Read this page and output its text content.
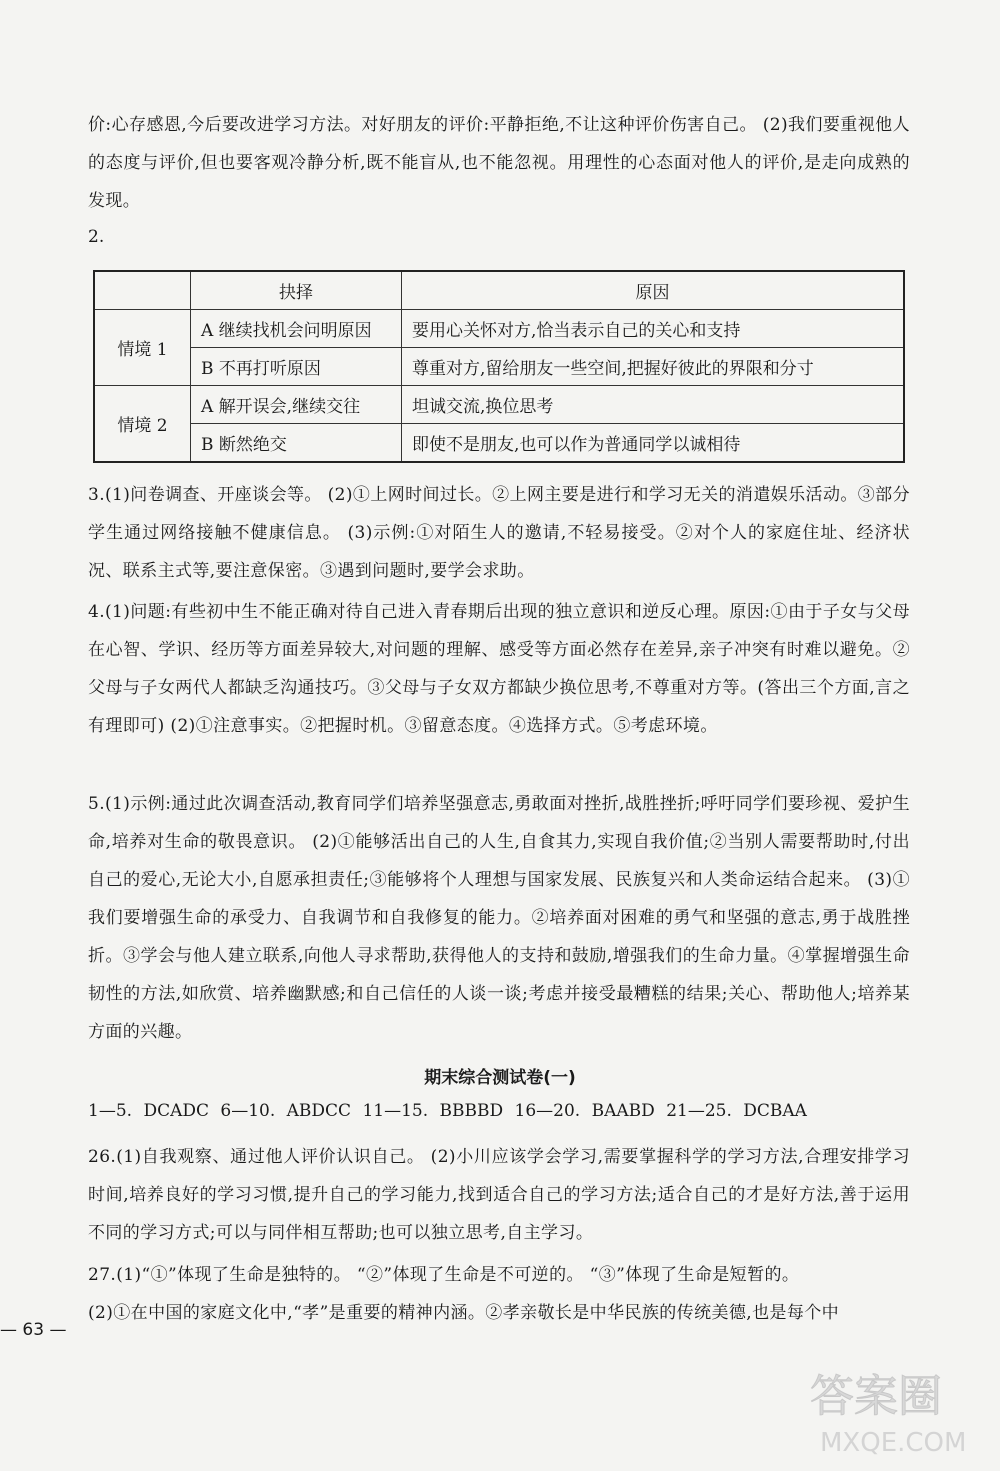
价:心存感恩,今后要改进学习方法。对好朋友的评价:平静拒绝,不让这种评价伤害自己。 (2)我们要重视他人的态度与评价,但也要客观冷静分析,既不能盲从,也不能忽视。用理性的心态面对他人的评价,是走向成熟的发现。

2.
	抉择	原因
情境 1	A 继续找机会问明原因	要用心关怀对方,恰当表示自己的关心和支持
	B 不再打听原因	尊重对方,留给朋友一些空间,把握好彼此的界限和分寸
情境 2	A 解开误会,继续交往	坦诚交流,换位思考
	B 断然绝交	即使不是朋友,也可以作为普通同学以诚相待

3.(1)问卷调查、开座谈会等。 (2)①上网时间过长。②上网主要是进行和学习无关的消遣娱乐活动。③部分学生通过网络接触不健康信息。 (3)示例:①对陌生人的邀请,不轻易接受。②对个人的家庭住址、经济状况、联系主式等,要注意保密。③遇到问题时,要学会求助。

4.(1)问题:有些初中生不能正确对待自己进入青春期后出现的独立意识和逆反心理。原因:①由于子女与父母在心智、学识、经历等方面差异较大,对问题的理解、感受等方面必然存在差异,亲子冲突有时难以避免。②父母与子女两代人都缺乏沟通技巧。③父母与子女双方都缺少换位思考,不尊重对方等。(答出三个方面,言之有理即可) (2)①注意事实。②把握时机。③留意态度。④选择方式。⑤考虑环境。

5.(1)示例:通过此次调查活动,教育同学们培养坚强意志,勇敢面对挫折,战胜挫折;呼吁同学们要珍视、爱护生命,培养对生命的敬畏意识。 (2)①能够活出自己的人生,自食其力,实现自我价值;②当别人需要帮助时,付出自己的爱心,无论大小,自愿承担责任;③能够将个人理想与国家发展、民族复兴和人类命运结合起来。 (3)①我们要增强生命的承受力、自我调节和自我修复的能力。②培养面对困难的勇气和坚强的意志,勇于战胜挫折。③学会与他人建立联系,向他人寻求帮助,获得他人的支持和鼓励,增强我们的生命力量。④掌握增强生命韧性的方法,如欣赏、培养幽默感;和自己信任的人谈一谈;考虑并接受最糟糕的结果;关心、帮助他人;培养某方面的兴趣。

期末综合测试卷(一)
1—5. DCADC 6—10. ABDCC 11—15. BBBBD 16—20. BAABD 21—25. DCBAA

26.(1)自我观察、通过他人评价认识自己。 (2)小川应该学会学习,需要掌握科学的学习方法,合理安排学习时间,培养良好的学习习惯,提升自己的学习能力,找到适合自己的学习方法;适合自己的才是好方法,善于运用不同的学习方式;可以与同伴相互帮助;也可以独立思考,自主学习。

27.(1)“①”体现了生命是独特的。 “②”体现了生命是不可逆的。 “③”体现了生命是短暂的。

(2)①在中国的家庭文化中,“孝”是重要的精神内涵。②孝亲敬长是中华民族的传统美德,也是每个中

— 63 —
答案圈
MXQE.COM
